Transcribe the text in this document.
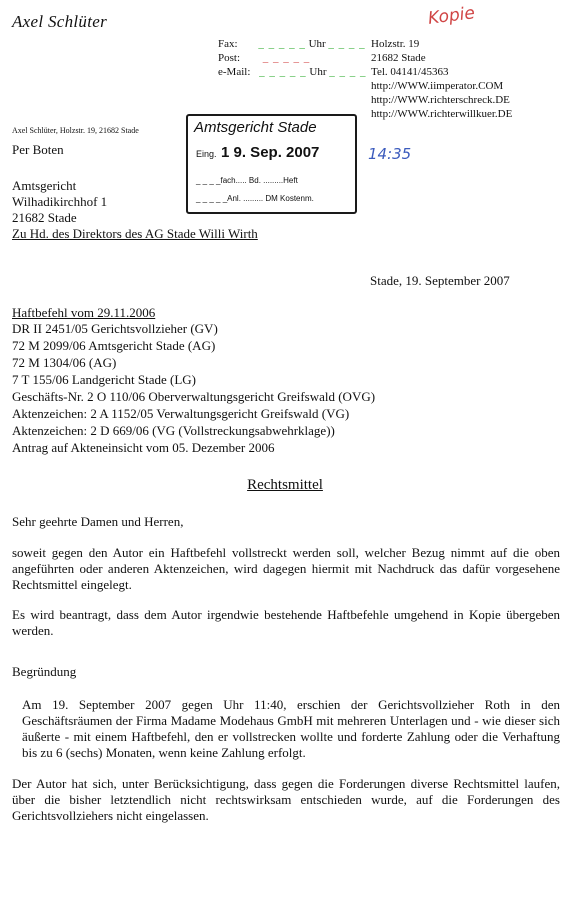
Axel Schlüter	Kopie
Fax: _ _ _ _ _ Uhr _ _ _ _
Post: _ _ _ _ _
e-Mail: _ _ _ _ _ Uhr _ _ _ _
Holzstr. 19
21682 Stade
Tel. 04141/45363
http://WWW.iimperator.COM
http://WWW.richterschreck.DE
http://WWW.richterwillkuer.DE
Axel Schlüter, Holzstr. 19, 21682 Stade
Per Boten
Amtsgericht Stade
Eing. 1 9. Sep. 2007
_ _ _ _fach..... Bd. .........Heft
_ _ _ _ _Anl. ......... DM Kostenm.
14:35
Amtsgericht
Wilhadikirchhof 1
21682 Stade
Zu Hd. des Direktors des AG Stade Willi Wirth
Stade, 19. September 2007
Haftbefehl vom 29.11.2006
DR II 2451/05 Gerichtsvollzieher (GV)
72 M 2099/06 Amtsgericht Stade (AG)
72 M 1304/06 (AG)
7 T 155/06 Landgericht Stade (LG)
Geschäfts-Nr. 2 O 110/06 Oberverwaltungsgericht Greifswald (OVG)
Aktenzeichen: 2 A 1152/05 Verwaltungsgericht Greifswald (VG)
Aktenzeichen: 2 D 669/06 (VG (Vollstreckungsabwehrklage))
Antrag auf Akteneinsicht vom 05. Dezember 2006
Rechtsmittel
Sehr geehrte Damen und Herren,
soweit gegen den Autor ein Haftbefehl vollstreckt werden soll, welcher Bezug nimmt auf die oben angeführten oder anderen Aktenzeichen, wird dagegen hiermit mit Nachdruck das dafür vorgesehene Rechtsmittel eingelegt.
Es wird beantragt, dass dem Autor irgendwie bestehende Haftbefehle umgehend in Kopie übergeben werden.
Begründung
Am 19. September 2007 gegen Uhr 11:40, erschien der Gerichtsvollzieher Roth in den Geschäftsräumen der Firma Madame Modehaus GmbH mit mehreren Unterlagen und - wie dieser sich äußerte - mit einem Haftbefehl, den er vollstrecken wollte und forderte Zahlung oder die Verhaftung bis zu 6 (sechs) Monaten, wenn keine Zahlung erfolgt.
Der Autor hat sich, unter Berücksichtigung, dass gegen die Forderungen diverse Rechtsmittel laufen, über die bisher letztendlich nicht rechtswirksam entschieden wurde, auf die Forderungen des Gerichtsvollziehers nicht eingelassen.
